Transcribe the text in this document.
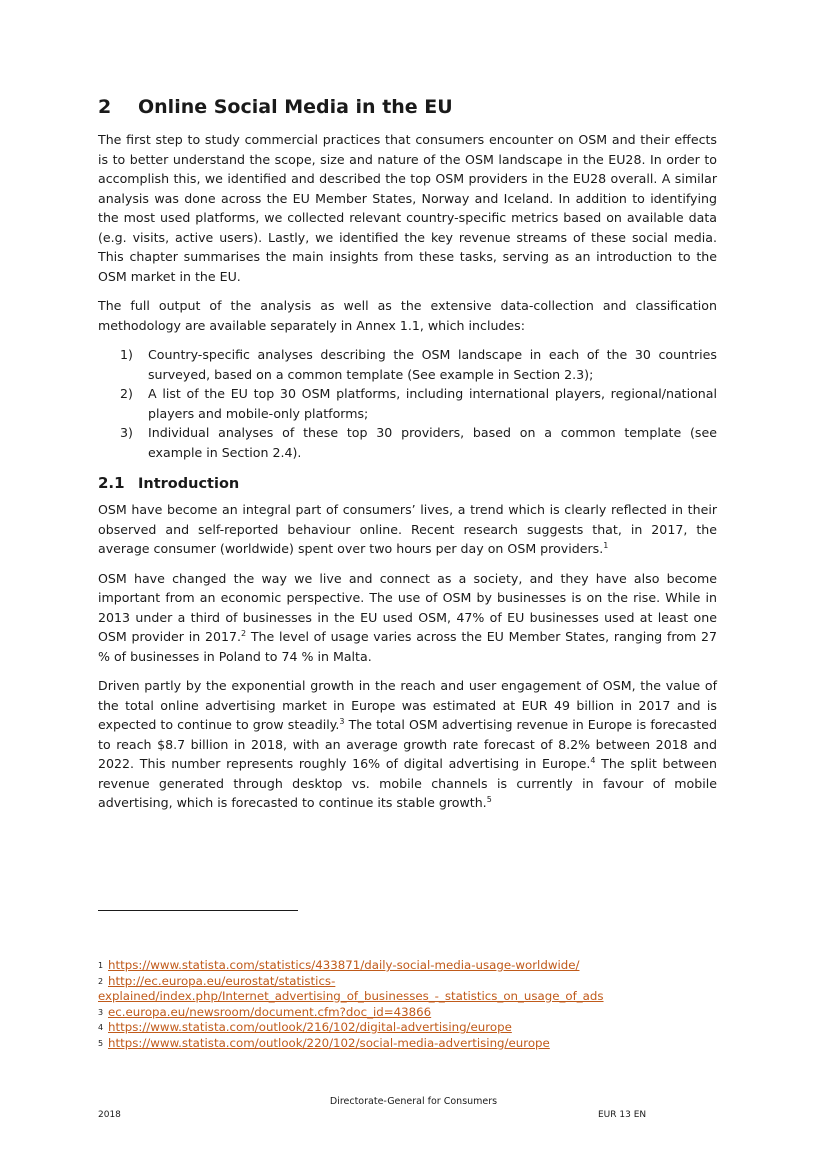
2	Online Social Media in the EU

The first step to study commercial practices that consumers encounter on OSM and their effects is to better understand the scope, size and nature of the OSM landscape in the EU28. In order to accomplish this, we identified and described the top OSM providers in the EU28 overall. A similar analysis was done across the EU Member States, Norway and Iceland. In addition to identifying the most used platforms, we collected relevant country-specific metrics based on available data (e.g. visits, active users). Lastly, we identified the key revenue streams of these social media. This chapter summarises the main insights from these tasks, serving as an introduction to the OSM market in the EU.

The full output of the analysis as well as the extensive data-collection and classification methodology are available separately in Annex 1.1, which includes:

1)	Country-specific analyses describing the OSM landscape in each of the 30 countries surveyed, based on a common template (See example in Section 2.3);
2)	A list of the EU top 30 OSM platforms, including international players, regional/national players and mobile-only platforms;
3)	Individual analyses of these top 30 providers, based on a common template (see example in Section 2.4).
2.1 Introduction

OSM have become an integral part of consumers’ lives, a trend which is clearly reflected in their observed and self-reported behaviour online. Recent research suggests that, in 2017, the average consumer (worldwide) spent over two hours per day on OSM providers.$^1$

OSM have changed the way we live and connect as a society, and they have also become important from an economic perspective. The use of OSM by businesses is on the rise. While in 2013 under a third of businesses in the EU used OSM, 47% of EU businesses used at least one OSM provider in 2017.$^2$ The level of usage varies across the EU Member States, ranging from 27 % of businesses in Poland to 74 % in Malta.

Driven partly by the exponential growth in the reach and user engagement of OSM, the value of the total online advertising market in Europe was estimated at EUR 49 billion in 2017 and is expected to continue to grow steadily.$^3$ The total OSM advertising revenue in Europe is forecasted to reach $8.7 billion in 2018, with an average growth rate forecast of 8.2% between 2018 and 2022. This number represents roughly 16% of digital advertising in Europe.$^4$ The split between revenue generated through desktop vs. mobile channels is currently in favour of mobile advertising, which is forecasted to continue its stable growth.$^5$

1 https://www.statista.com/statistics/433871/daily-social-media-usage-worldwide/
2 http://ec.europa.eu/eurostat/statistics-
explained/index.php/Internet_advertising_of_businesses_-_statistics_on_usage_of_ads
3 ec.europa.eu/newsroom/document.cfm?doc_id=43866
4 https://www.statista.com/outlook/216/102/digital-advertising/europe
5 https://www.statista.com/outlook/220/102/social-media-advertising/europe
Directorate-General for Consumers
2018	EUR 13 EN
